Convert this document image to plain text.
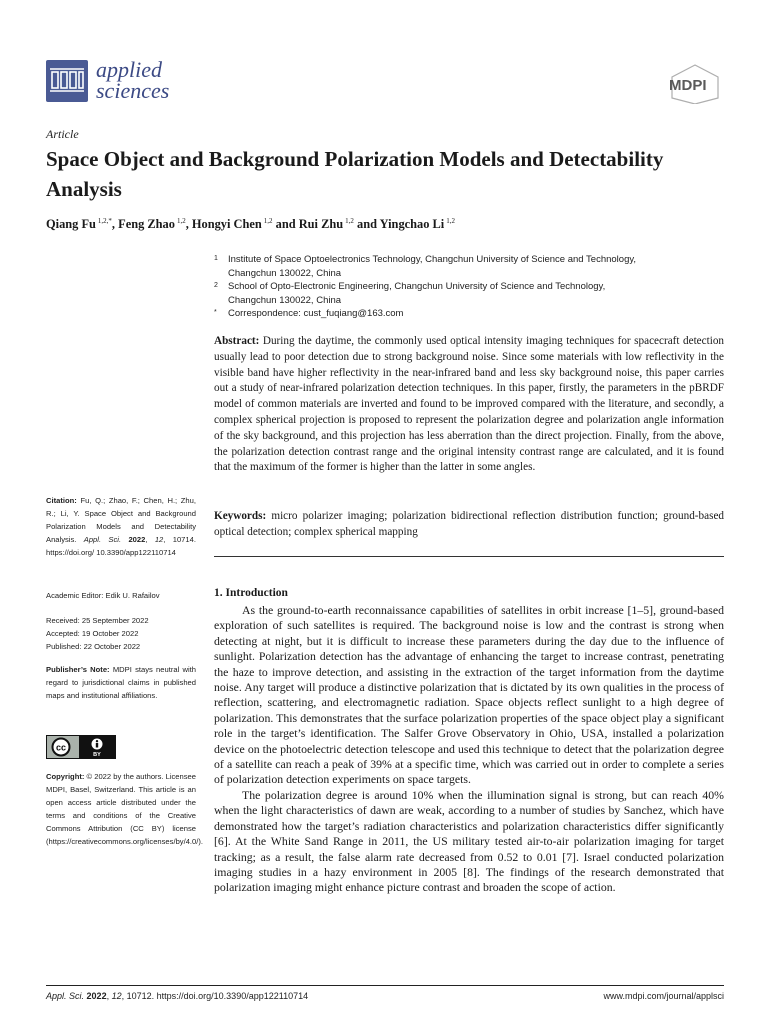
applied
sciences	MDPI
Article
Space Object and Background Polarization Models and Detectability Analysis
Qiang Fu $^{1,2,*}$, Feng Zhao $^{1,2}$, Hongyi Chen $^{1,2}$ and Rui Zhu $^{1,2}$ and Yingchao Li $^{1,2}$
1 Institute of Space Optoelectronics Technology, Changchun University of Science and Technology,
Changchun 130022, China
2 School of Opto-Electronic Engineering, Changchun University of Science and Technology,
Changchun 130022, China
* Correspondence: cust_fuqiang@163.com
Abstract: During the daytime, the commonly used optical intensity imaging techniques for spacecraft detection usually lead to poor detection due to strong background noise. Since some materials with low reflectivity in the visible band have higher reflectivity in the near-infrared band and less sky background noise, this paper carries out a study of near-infrared polarization detection techniques. In this paper, firstly, the parameters in the pBRDF model of common materials are inverted and found to be improved compared with the literature, and secondly, a complex spherical projection is proposed to represent the polarization degree and polarization angle information of the sky background, and this projection has less aberration than the direct projection. Finally, from the above, the polarization detection contrast range and the original intensity contrast range are calculated, and it is found that the maximum of the former is higher than the latter in some angles.
Keywords: micro polarizer imaging; polarization bidirectional reflection distribution function; ground-based optical detection; complex spherical mapping
1. Introduction

As the ground-to-earth reconnaissance capabilities of satellites in orbit increase [1–5], ground-based exploration of such satellites is required. The background noise is low and the contrast is strong when detecting at night, but it is difficult to increase these parameters during the day due to the influence of sunlight. Polarization detection has the advantage of enhancing the target to increase contrast, penetrating the haze to improve detection, and assisting in the extraction of the target information from the daytime noise. Any target will produce a distinctive polarization that is dictated by its own qualities in the process of reflection, scattering, and electromagnetic radiation. Space objects reflect sunlight to a high degree of polarization. This demonstrates that the surface polarization properties of the space object play a significant role in the target’s identification. The Salfer Grove Observatory in Ohio, USA, installed a polarization device on the photoelectric detection telescope and used this technique to detect that the polarization degree of a satellite can reach a peak of 39% at a specific time, which was carried out in order to complete a series of polarization detection experiments on space targets.

The polarization degree is around 10% when the illumination signal is strong, but can reach 40% when the light characteristics of dawn are weak, according to a number of studies by Sanchez, which have demonstrated how the target’s radiation characteristics and polarization characteristics differ significantly [6]. At the White Sand Range in 2011, the US military tested air-to-air polarization imaging for target tracking; as a result, the false alarm rate decreased from 0.52 to 0.01 [7]. Israel conducted polarization imaging studies in a hazy environment in 2005 [8]. The findings of the research demonstrated that polarization imaging might enhance picture contrast and broaden the scope of action.

Citation: Fu, Q.; Zhao, F.; Chen, H.; Zhu, R.; Li, Y. Space Object and Background Polarization Models and Detectability Analysis. Appl. Sci. 2022, 12, 10714. https://doi.org/ 10.3390/app122110714
Academic Editor: Edik U. Rafailov
Received: 25 September 2022
Accepted: 19 October 2022
Published: 22 October 2022
Publisher’s Note: MDPI stays neutral with regard to jurisdictional claims in published maps and institutional affiliations.
cc
BY
Copyright: © 2022 by the authors. Licensee MDPI, Basel, Switzerland. This article is an open access article distributed under the terms and conditions of the Creative Commons Attribution (CC BY) license (https://creativecommons.org/licenses/by/4.0/).
Appl. Sci. 2022, 12, 10712. https://doi.org/10.3390/app122110714	www.mdpi.com/journal/applsci
